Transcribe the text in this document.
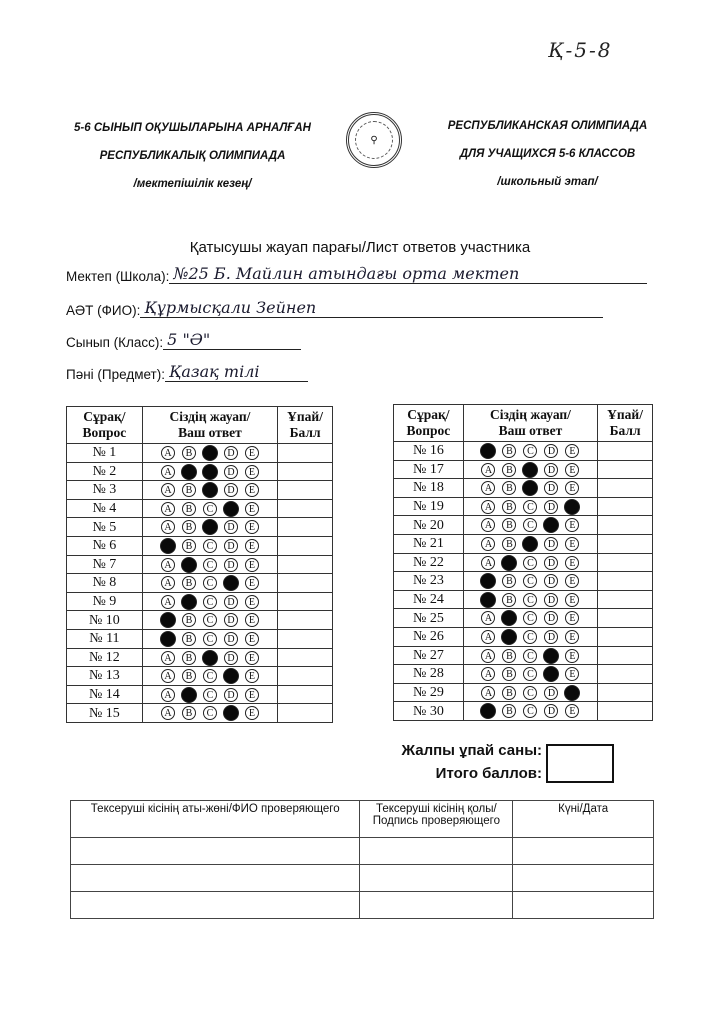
Қ-5-8
5-6 СЫНЫП ОҚУШЫЛАРЫНА АРНАЛҒАН
РЕСПУБЛИКАЛЫҚ ОЛИМПИАДА
/мектепішілік кезең/
⚲
РЕСПУБЛИКАНСКАЯ ОЛИМПИАДА
ДЛЯ УЧАЩИХСЯ 5-6 КЛАССОВ
/школьный этап/
Қатысушы жауап парағы/Лист ответов участника
Мектеп (Школа): №25 Б. Майлин атындағы орта мектеп
АӘТ (ФИО): Құрмысқали Зейнеп
Сынып (Класс): 5 "Ә"
Пәні (Предмет): Қазақ тілі
Сұрақ/
Вопрос	Сіздің жауап/
Ваш ответ	Ұпай/
Балл
№ 1	A B C D E	
№ 2	A B C D E	
№ 3	A B C D E	
№ 4	A B C D E	
№ 5	A B C D E	
№ 6	A B C D E	
№ 7	A B C D E	
№ 8	A B C D E	
№ 9	A B C D E	
№ 10	A B C D E	
№ 11	A B C D E	
№ 12	A B C D E	
№ 13	A B C D E	
№ 14	A B C D E	
№ 15	A B C D E	
Сұрақ/
Вопрос	Сіздің жауап/
Ваш ответ	Ұпай/
Балл
№ 16	A B C D E	
№ 17	A B C D E	
№ 18	A B C D E	
№ 19	A B C D E	
№ 20	A B C D E	
№ 21	A B C D E	
№ 22	A B C D E	
№ 23	A B C D E	
№ 24	A B C D E	
№ 25	A B C D E	
№ 26	A B C D E	
№ 27	A B C D E	
№ 28	A B C D E	
№ 29	A B C D E	
№ 30	A B C D E	
Жалпы ұпай саны:
Итого баллов:
Тексеруші кісінің аты-жөні/ФИО проверяющего	Тексеруші кісінің қолы/ Подпись проверяющего	Күні/Дата
